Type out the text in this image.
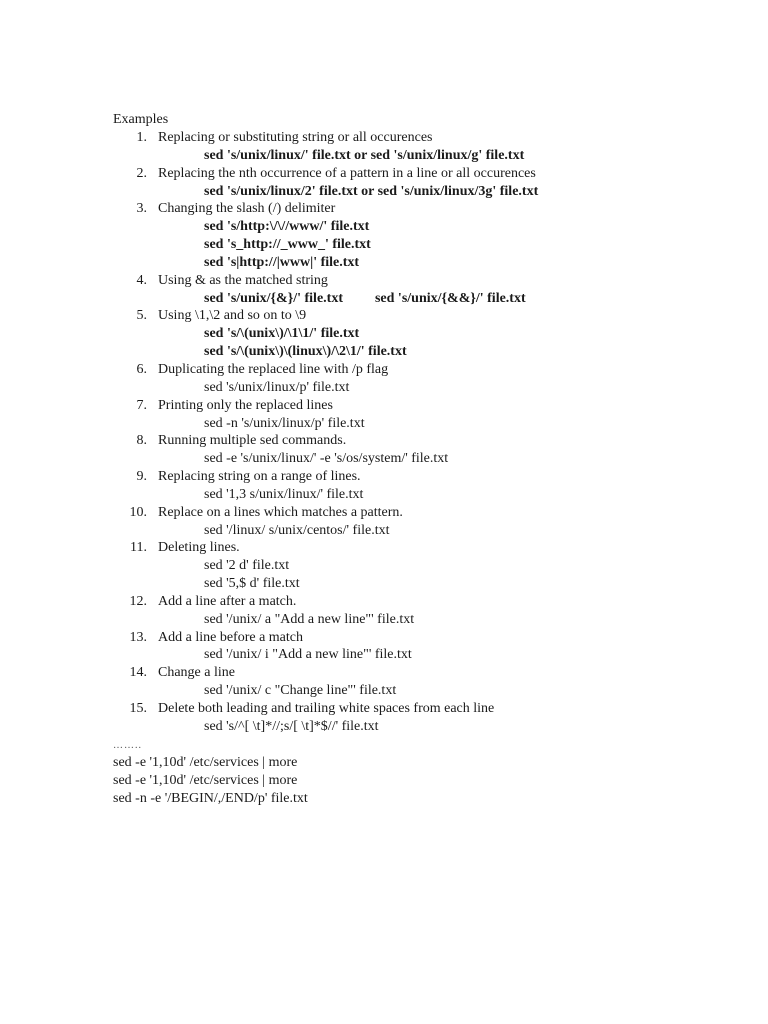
Examples
1. Replacing or substituting string or all occurences
sed 's/unix/linux/' file.txt or sed 's/unix/linux/g' file.txt
2. Replacing the nth occurrence of a pattern in a line or all occurences
sed 's/unix/linux/2' file.txt or sed 's/unix/linux/3g' file.txt
3. Changing the slash (/) delimiter
sed 's/http:\/\//www/' file.txt
sed 's_http://_www_' file.txt
sed 's|http://|www|' file.txt
4. Using & as the matched string
sed 's/unix/{&}/' file.txt sed 's/unix/{&&}/' file.txt
5. Using \1,\2 and so on to \9
sed 's/\(unix\)/\1\1/' file.txt
sed 's/\(unix\)\(linux\)/\2\1/' file.txt
6. Duplicating the replaced line with /p flag
sed 's/unix/linux/p' file.txt
7. Printing only the replaced lines
sed -n 's/unix/linux/p' file.txt
8. Running multiple sed commands.
sed -e 's/unix/linux/' -e 's/os/system/' file.txt
9. Replacing string on a range of lines.
sed '1,3 s/unix/linux/' file.txt
10. Replace on a lines which matches a pattern.
sed '/linux/ s/unix/centos/' file.txt
11. Deleting lines.
sed '2 d' file.txt
sed '5,$ d' file.txt
12. Add a line after a match.
sed '/unix/ a "Add a new line"' file.txt
13. Add a line before a match
sed '/unix/ i "Add a new line"' file.txt
14. Change a line
sed '/unix/ c "Change line"' file.txt
15. Delete both leading and trailing white spaces from each line
sed 's/^[ \t]*//;s/[ \t]*$//' file.txt
……..
sed -e '1,10d' /etc/services | more
sed -e '1,10d' /etc/services | more
sed -n -e '/BEGIN/,/END/p' file.txt
